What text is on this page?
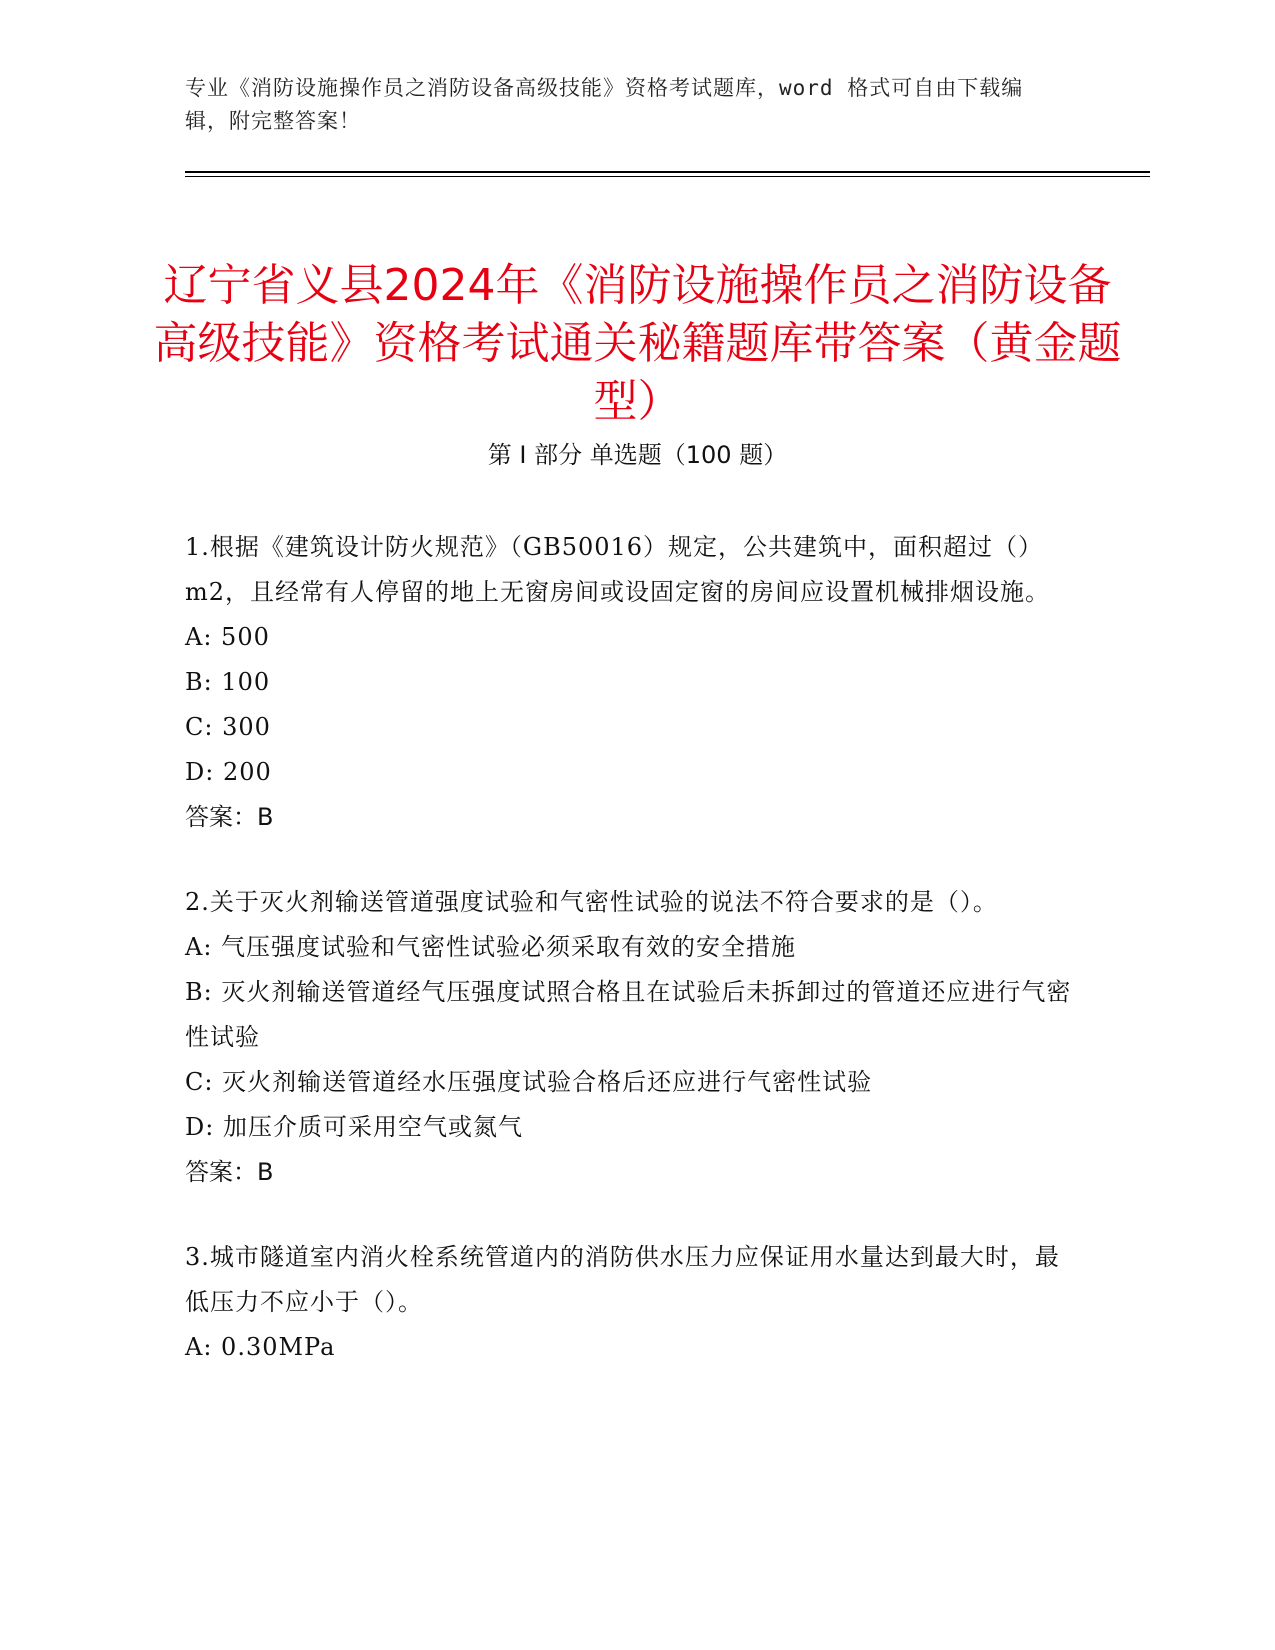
专业《消防设施操作员之消防设备高级技能》资格考试题库，word 格式可自由下载编辑，附完整答案！
辽宁省义县2024年《消防设施操作员之消防设备高级技能》资格考试通关秘籍题库带答案（黄金题型）
第 I 部分 单选题（100 题）
1.根据《建筑设计防火规范》（GB50016）规定，公共建筑中，面积超过（）m2，且经常有人停留的地上无窗房间或设固定窗的房间应设置机械排烟设施。
A: 500
B: 100
C: 300
D: 200
答案：B
2.关于灭火剂输送管道强度试验和气密性试验的说法不符合要求的是（）。
A: 气压强度试验和气密性试验必须采取有效的安全措施
B: 灭火剂输送管道经气压强度试照合格且在试验后未拆卸过的管道还应进行气密性试验
C: 灭火剂输送管道经水压强度试验合格后还应进行气密性试验
D: 加压介质可采用空气或氮气
答案：B
3.城市隧道室内消火栓系统管道内的消防供水压力应保证用水量达到最大时，最低压力不应小于（）。
A: 0.30MPa
